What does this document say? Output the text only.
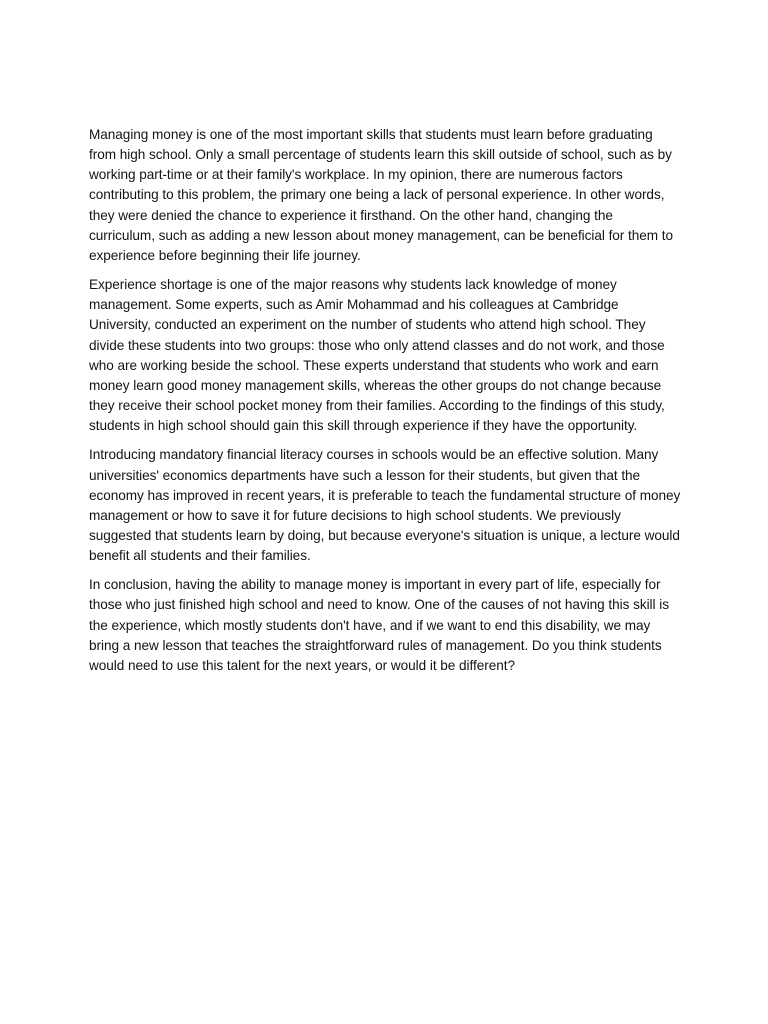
Managing money is one of the most important skills that students must learn before graduating from high school. Only a small percentage of students learn this skill outside of school, such as by working part-time or at their family's workplace. In my opinion, there are numerous factors contributing to this problem, the primary one being a lack of personal experience. In other words, they were denied the chance to experience it firsthand. On the other hand, changing the curriculum, such as adding a new lesson about money management, can be beneficial for them to experience before beginning their life journey.

Experience shortage is one of the major reasons why students lack knowledge of money management. Some experts, such as Amir Mohammad and his colleagues at Cambridge University, conducted an experiment on the number of students who attend high school. They divide these students into two groups: those who only attend classes and do not work, and those who are working beside the school. These experts understand that students who work and earn money learn good money management skills, whereas the other groups do not change because they receive their school pocket money from their families. According to the findings of this study, students in high school should gain this skill through experience if they have the opportunity.

Introducing mandatory financial literacy courses in schools would be an effective solution. Many universities' economics departments have such a lesson for their students, but given that the economy has improved in recent years, it is preferable to teach the fundamental structure of money management or how to save it for future decisions to high school students. We previously suggested that students learn by doing, but because everyone's situation is unique, a lecture would benefit all students and their families.

In conclusion, having the ability to manage money is important in every part of life, especially for those who just finished high school and need to know. One of the causes of not having this skill is the experience, which mostly students don't have, and if we want to end this disability, we may bring a new lesson that teaches the straightforward rules of management. Do you think students would need to use this talent for the next years, or would it be different?
